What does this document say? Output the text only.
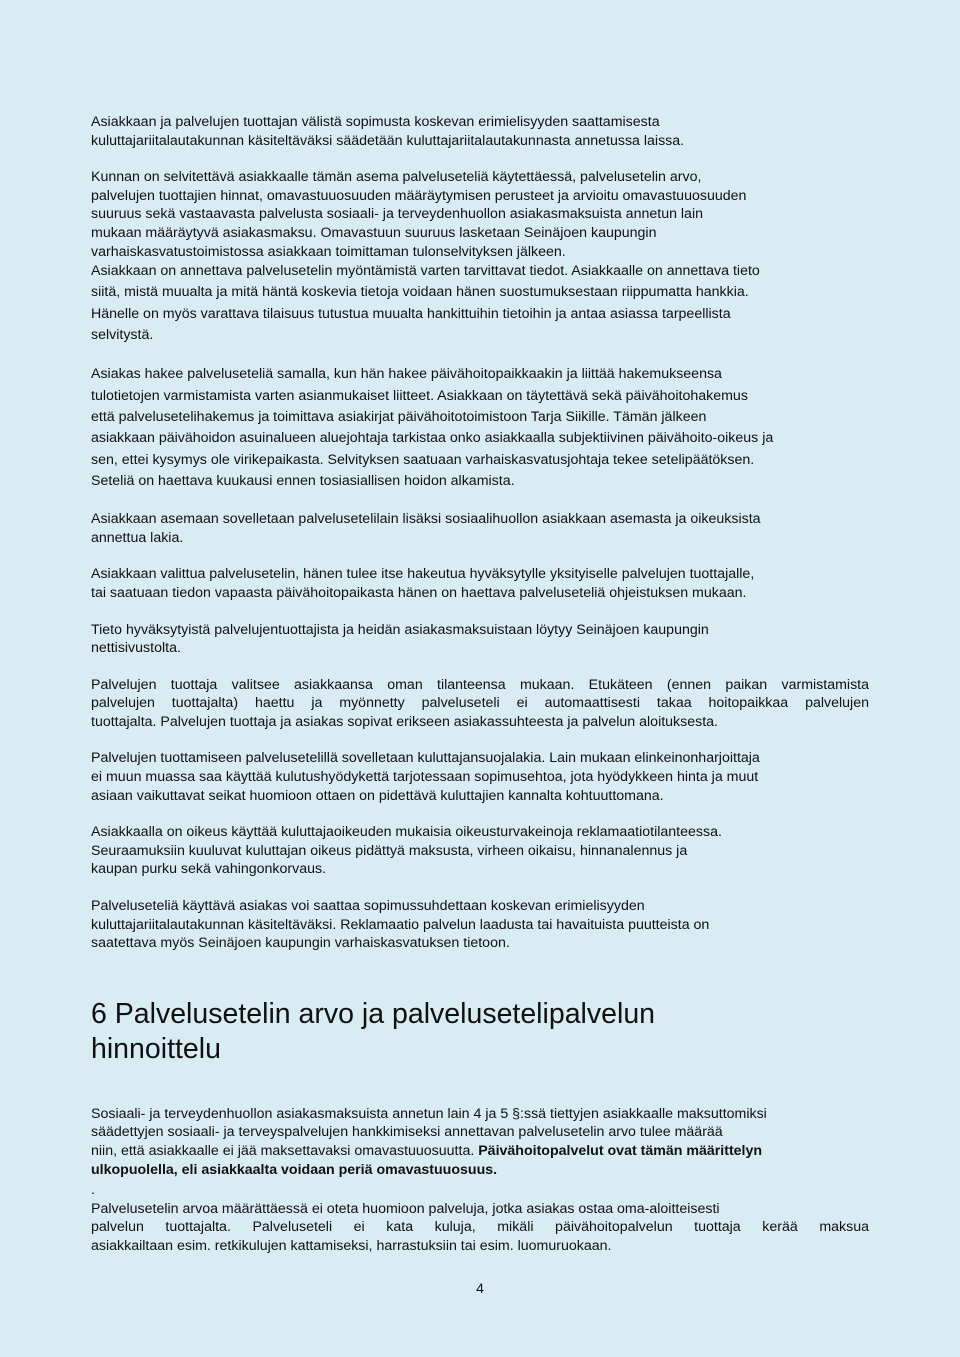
Asiakkaan ja palvelujen tuottajan välistä sopimusta koskevan erimielisyyden saattamisesta

kuluttajariitalautakunnan käsiteltäväksi säädetään kuluttajariitalautakunnasta annetussa laissa.

Kunnan on selvitettävä asiakkaalle tämän asema palveluseteliä käytettäessä, palvelusetelin arvo,

palvelujen tuottajien hinnat, omavastuuosuuden määräytymisen perusteet ja arvioitu omavastuuosuuden

suuruus sekä vastaavasta palvelusta sosiaali- ja terveydenhuollon asiakasmaksuista annetun lain

mukaan määräytyvä asiakasmaksu. Omavastuun suuruus lasketaan Seinäjoen kaupungin

varhaiskasvatustoimistossa asiakkaan toimittaman tulonselvityksen jälkeen.

Asiakkaan on annettava palvelusetelin myöntämistä varten tarvittavat tiedot. Asiakkaalle on annettava tieto

siitä, mistä muualta ja mitä häntä koskevia tietoja voidaan hänen suostumuksestaan riippumatta hankkia.

Hänelle on myös varattava tilaisuus tutustua muualta hankittuihin tietoihin ja antaa asiassa tarpeellista

selvitystä.

Asiakas hakee palveluseteliä samalla, kun hän hakee päivähoitopaikkaakin ja liittää hakemukseensa

tulotietojen varmistamista varten asianmukaiset liitteet. Asiakkaan on täytettävä sekä päivähoitohakemus

että palvelusetelihakemus ja toimittava asiakirjat päivähoitotoimistoon Tarja Siikille. Tämän jälkeen

asiakkaan päivähoidon asuinalueen aluejohtaja tarkistaa onko asiakkaalla subjektiivinen päivähoito-oikeus ja

sen, ettei kysymys ole virikepaikasta. Selvityksen saatuaan varhaiskasvatusjohtaja tekee setelipäätöksen.

Seteliä on haettava kuukausi ennen tosiasiallisen hoidon alkamista.

Asiakkaan asemaan sovelletaan palvelusetelilain lisäksi sosiaalihuollon asiakkaan asemasta ja oikeuksista

annettua lakia.

Asiakkaan valittua palvelusetelin, hänen tulee itse hakeutua hyväksytylle yksityiselle palvelujen tuottajalle,

tai saatuaan tiedon vapaasta päivähoitopaikasta hänen on haettava palveluseteliä ohjeistuksen mukaan.

Tieto hyväksytyistä palvelujentuottajista ja heidän asiakasmaksuistaan löytyy Seinäjoen kaupungin

nettisivustolta.

Palvelujen tuottaja valitsee asiakkaansa oman tilanteensa mukaan. Etukäteen (ennen paikan varmistamista

palvelujen tuottajalta) haettu ja myönnetty palveluseteli ei automaattisesti takaa hoitopaikkaa palvelujen

tuottajalta. Palvelujen tuottaja ja asiakas sopivat erikseen asiakassuhteesta ja palvelun aloituksesta.

Palvelujen tuottamiseen palvelusetelillä sovelletaan kuluttajansuojalakia. Lain mukaan elinkeinonharjoittaja

ei muun muassa saa käyttää kulutushyödykettä tarjotessaan sopimusehtoa, jota hyödykkeen hinta ja muut

asiaan vaikuttavat seikat huomioon ottaen on pidettävä kuluttajien kannalta kohtuuttomana.

Asiakkaalla on oikeus käyttää kuluttajaoikeuden mukaisia oikeusturvakeinoja reklamaatiotilanteessa.

Seuraamuksiin kuuluvat kuluttajan oikeus pidättyä maksusta, virheen oikaisu, hinnanalennus ja

kaupan purku sekä vahingonkorvaus.

Palveluseteliä käyttävä asiakas voi saattaa sopimussuhdettaan koskevan erimielisyyden

kuluttajariitalautakunnan käsiteltäväksi. Reklamaatio palvelun laadusta tai havaituista puutteista on

saatettava myös Seinäjoen kaupungin varhaiskasvatuksen tietoon.

6 Palvelusetelin arvo ja palvelusetelipalvelun
hinnoittelu

Sosiaali- ja terveydenhuollon asiakasmaksuista annetun lain 4 ja 5 §:ssä tiettyjen asiakkaalle maksuttomiksi

säädettyjen sosiaali- ja terveyspalvelujen hankkimiseksi annettavan palvelusetelin arvo tulee määrää

niin, että asiakkaalle ei jää maksettavaksi omavastuuosuutta. Päivähoitopalvelut ovat tämän määrittelyn

ulkopuolella, eli asiakkaalta voidaan periä omavastuuosuus.

.

Palvelusetelin arvoa määrättäessä ei oteta huomioon palveluja, jotka asiakas ostaa oma-aloitteisesti

palvelun tuottajalta. Palveluseteli ei kata kuluja, mikäli päivähoitopalvelun tuottaja kerää maksua

asiakkailtaan esim. retkikulujen kattamiseksi, harrastuksiin tai esim. luomuruokaan.

4
